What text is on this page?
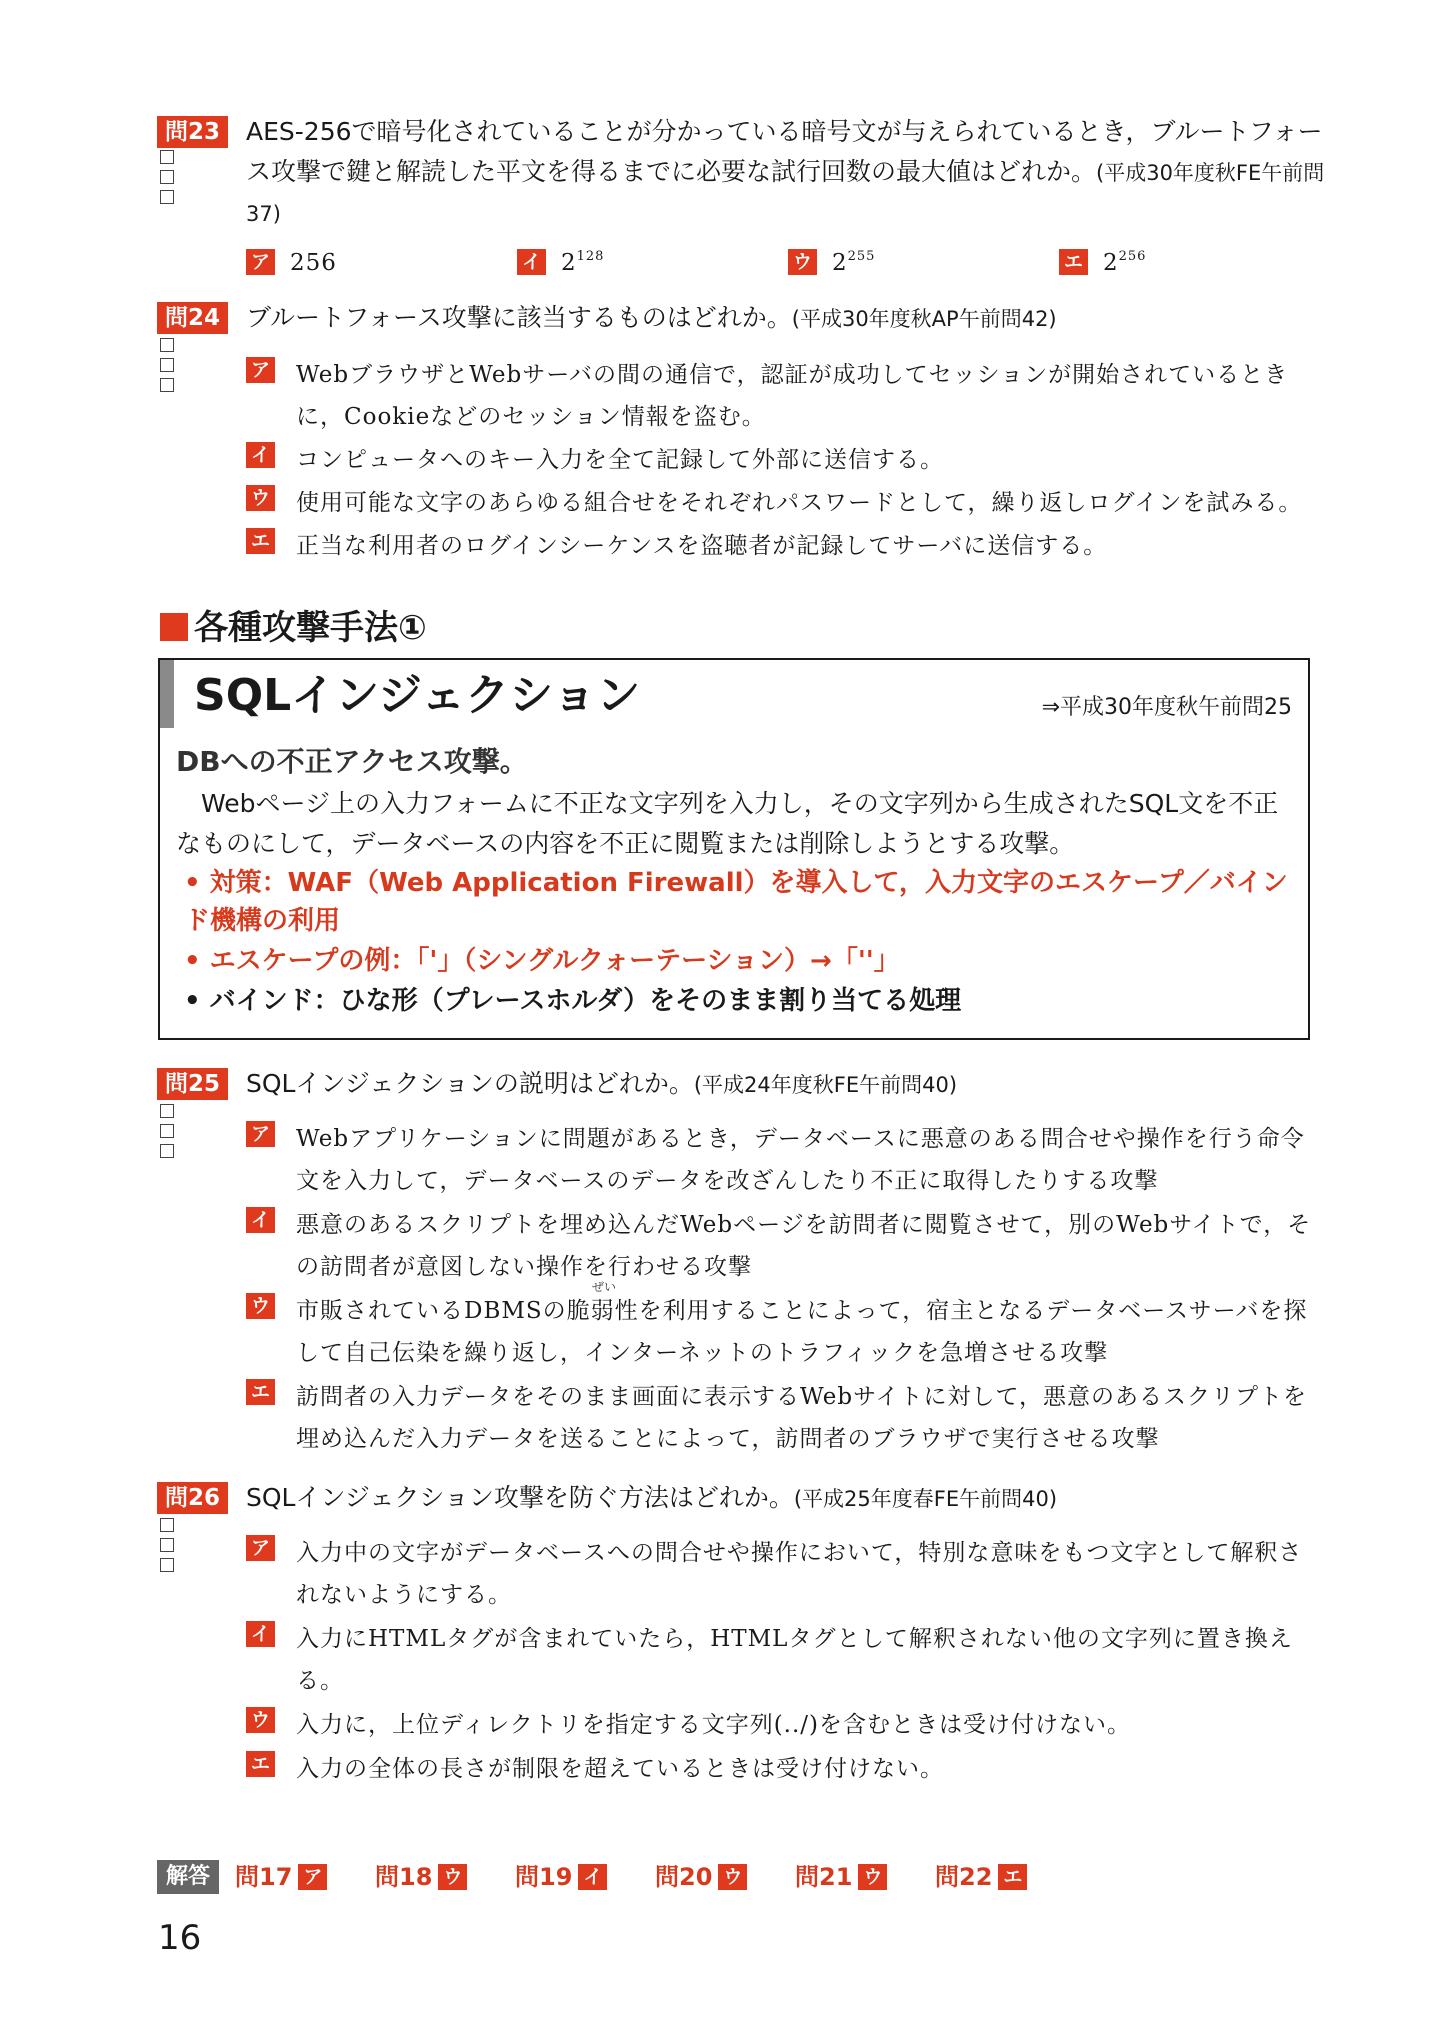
問23	AES-256で暗号化されていることが分かっている暗号文が与えられているとき，ブルートフォース攻撃で鍵と解読した平文を得るまでに必要な試行回数の最大値はどれか。(平成30年度秋FE午前問37)
ア 256	イ $2^{128}$	ウ $2^{255}$	エ $2^{256}$
問24	ブルートフォース攻撃に該当するものはどれか。(平成30年度秋AP午前問42)
ア WebブラウザとWebサーバの間の通信で，認証が成功してセッションが開始されているときに，Cookieなどのセッション情報を盗む。
イ コンピュータへのキー入力を全て記録して外部に送信する。
ウ 使用可能な文字のあらゆる組合せをそれぞれパスワードとして，繰り返しログインを試みる。
エ 正当な利用者のログインシーケンスを盗聴者が記録してサーバに送信する。
各種攻撃手法①
SQLインジェクション	⇒平成30年度秋午前問25
DBへの不正アクセス攻撃。
　Webページ上の入力フォームに不正な文字列を入力し，その文字列から生成されたSQL文を不正なものにして，データベースの内容を不正に閲覧または削除しようとする攻撃。
• 対策：WAF（Web Application Firewall）を導入して，入力文字のエスケープ／バインド機構の利用
• エスケープの例：「'」（シングルクォーテーション）→「''」
• バインド：ひな形（プレースホルダ）をそのまま割り当てる処理
問25	SQLインジェクションの説明はどれか。(平成24年度秋FE午前問40)
ア Webアプリケーションに問題があるとき，データベースに悪意のある問合せや操作を行う命令文を入力して，データベースのデータを改ざんしたり不正に取得したりする攻撃
イ 悪意のあるスクリプトを埋め込んだWebページを訪問者に閲覧させて，別のWebサイトで，その訪問者が意図しない操作を行わせる攻撃
ぜい
ウ 市販されているDBMSの脆弱性を利用することによって，宿主となるデータベースサーバを探して自己伝染を繰り返し，インターネットのトラフィックを急増させる攻撃
エ 訪問者の入力データをそのまま画面に表示するWebサイトに対して，悪意のあるスクリプトを埋め込んだ入力データを送ることによって，訪問者のブラウザで実行させる攻撃
問26	SQLインジェクション攻撃を防ぐ方法はどれか。(平成25年度春FE午前問40)
ア 入力中の文字がデータベースへの問合せや操作において，特別な意味をもつ文字として解釈されないようにする。
イ 入力にHTMLタグが含まれていたら，HTMLタグとして解釈されない他の文字列に置き換える。
ウ 入力に，上位ディレクトリを指定する文字列(../)を含むときは受け付けない。
エ 入力の全体の長さが制限を超えているときは受け付けない。
解答	問17 ア 問18 ウ 問19 イ 問20 ウ 問21 ウ 問22 エ
16
